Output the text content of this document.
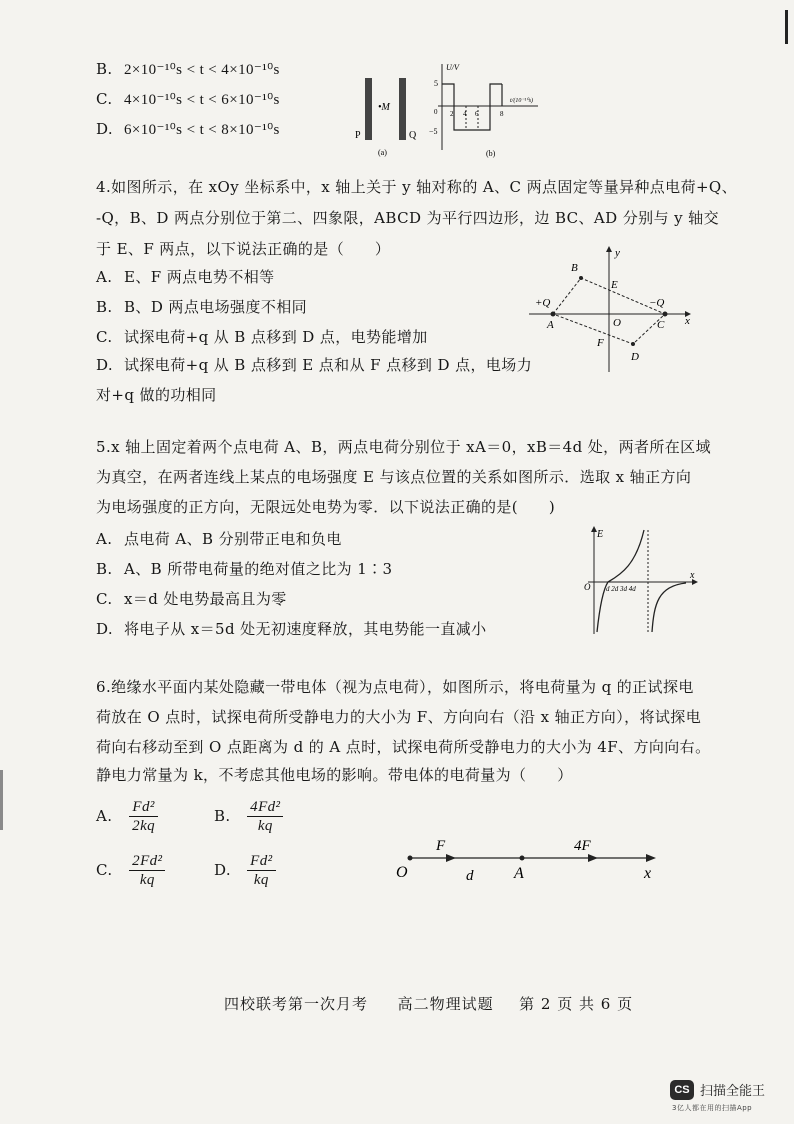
B. 2×10⁻¹⁰s < t < 4×10⁻¹⁰s
C. 4×10⁻¹⁰s < t < 6×10⁻¹⁰s
D. 6×10⁻¹⁰s < t < 8×10⁻¹⁰s	P
•M
Q
(a)
U/V
5
−5
0 2 4 6	8
t/(10⁻¹⁰s)
(b)
4.如图所示，在 xOy 坐标系中，x 轴上关于 y 轴对称的 A、C 两点固定等量异种点电荷+Q、
-Q，B、D 两点分别位于第二、四象限，ABCD 为平行四边形，边 BC、AD 分别与 y 轴交
于 E、F 两点，以下说法正确的是（　　）
A. E、F 两点电势不相等
B. B、D 两点电场强度不相同
C. 试探电荷+q 从 B 点移到 D 点，电势能增加
D. 试探电荷+q 从 B 点移到 E 点和从 F 点移到 D 点，电场力
对+q 做的功相同
y
x
B
E
+Q	−Q
A	O	C
F
D
5.x 轴上固定着两个点电荷 A、B，两点电荷分别位于 xA＝0，xB＝4d 处，两者所在区域
为真空，在两者连线上某点的电场强度 E 与该点位置的关系如图所示．选取 x 轴正方向
为电场强度的正方向，无限远处电势为零．以下说法正确的是(　　)
A. 点电荷 A、B 分别带正电和负电
B. A、B 所带电荷量的绝对值之比为 1∶3
C. x＝d 处电势最高且为零
D. 将电子从 x＝5d 处无初速度释放，其电势能一直减小
E
O
x
d 2d 3d 4d
6.绝缘水平面内某处隐藏一带电体（视为点电荷），如图所示，将电荷量为 q 的正试探电
荷放在 O 点时，试探电荷所受静电力的大小为 F、方向向右（沿 x 轴正方向），将试探电
荷向右移动至到 O 点距离为 d 的 A 点时，试探电荷所受静电力的大小为 4F、方向向右。
静电力常量为 k，不考虑其他电场的影响。带电体的电荷量为（　　）
A. $\frac{\text{Fd²}}{2kq}$	B. $\frac{\text{4Fd²}}{kq}$
C. $\frac{\text{2Fd²}}{kq}$	D. $\frac{\text{Fd²}}{kq}$	O
F
d	A
4F
x
四校联考第一次月考 高二物理试题 第 2 页 共 6 页
CS 扫描全能王
3亿人都在用的扫描App
